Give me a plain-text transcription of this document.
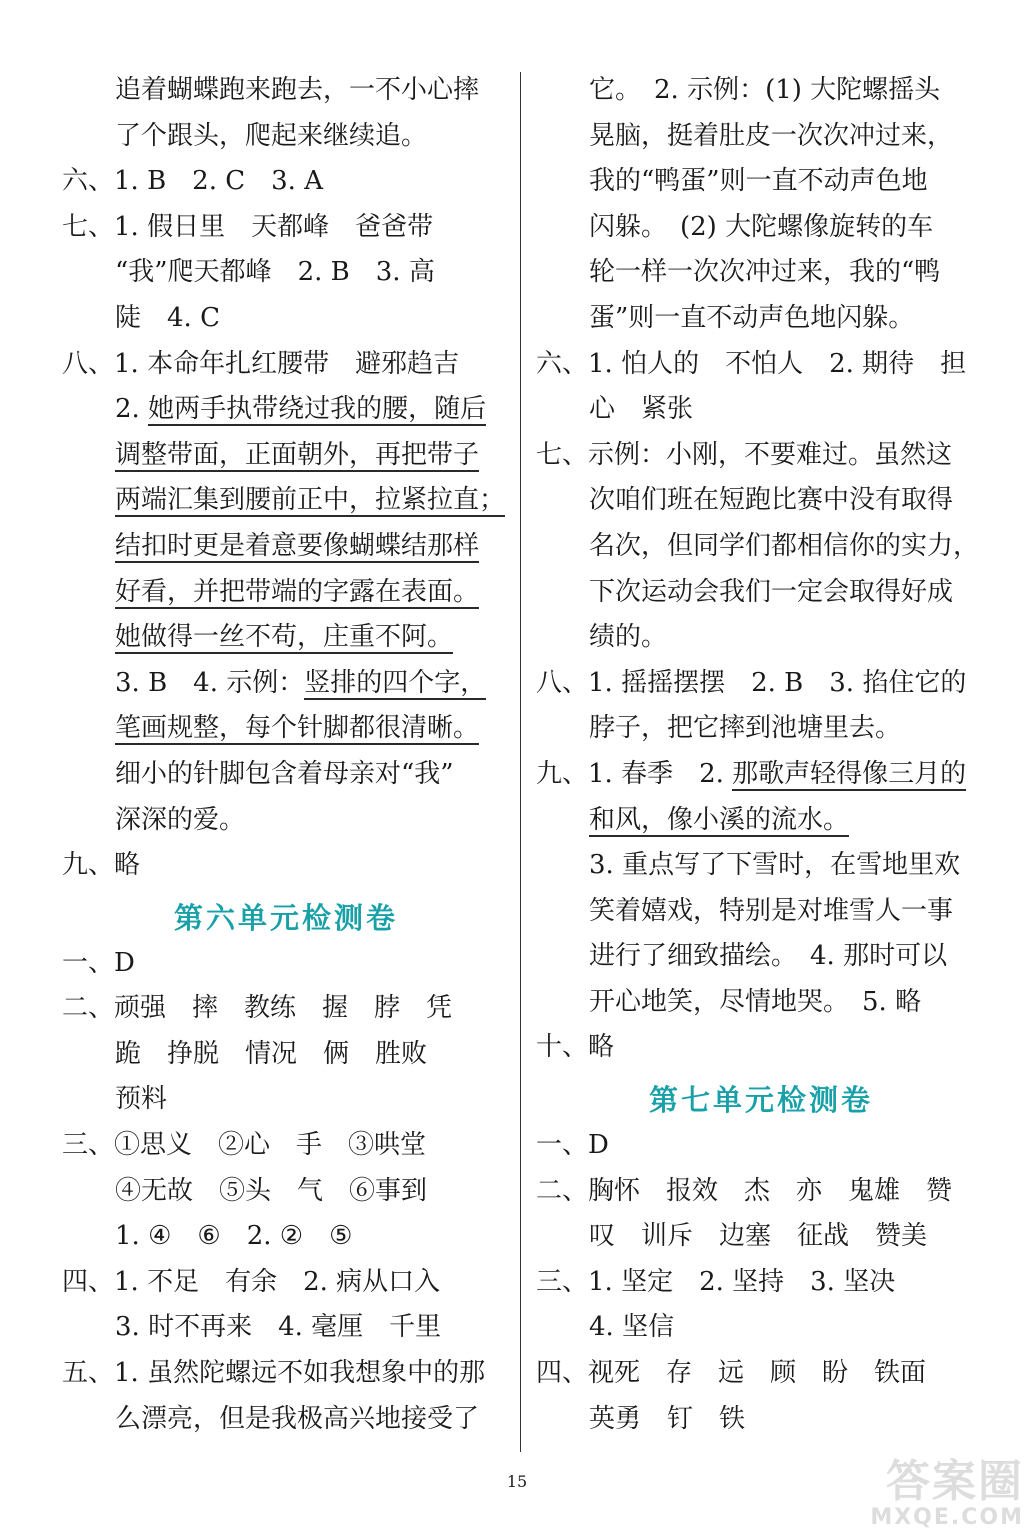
追着蝴蝶跑来跑去，一不小心摔
了个跟头，爬起来继续追。
六、1. B　2. C　3. A
七、1. 假日里　天都峰　爸爸带
“我”爬天都峰　2. B　3. 高
陡　4. C
八、1. 本命年扎红腰带　避邪趋吉
2. 她两手执带绕过我的腰，随后
调整带面，正面朝外，再把带子
两端汇集到腰前正中，拉紧拉直；
结扣时更是着意要像蝴蝶结那样
好看，并把带端的字露在表面。
她做得一丝不苟，庄重不阿。
3. B　4. 示例：竖排的四个字，
笔画规整，每个针脚都很清晰。
细小的针脚包含着母亲对“我”
深深的爱。
九、略
第六单元检测卷
一、D
二、顽强　摔　教练　握　脖　凭
跪　挣脱　情况　俩　胜败
预料
三、①思义　②心　手　③哄堂
④无故　⑤头　气　⑥事到
1. ④　⑥　2. ②　⑤
四、1. 不足　有余　2. 病从口入
3. 时不再来　4. 毫厘　千里
五、1. 虽然陀螺远不如我想象中的那
么漂亮，但是我极高兴地接受了
它。　2. 示例：(1) 大陀螺摇头
晃脑，挺着肚皮一次次冲过来，
我的“鸭蛋”则一直不动声色地
闪躲。　(2) 大陀螺像旋转的车
轮一样一次次冲过来，我的“鸭
蛋”则一直不动声色地闪躲。
六、1. 怕人的　不怕人　2. 期待　担
心　紧张
七、示例：小刚，不要难过。虽然这
次咱们班在短跑比赛中没有取得
名次，但同学们都相信你的实力，
下次运动会我们一定会取得好成
绩的。
八、1. 摇摇摆摆　2. B　3. 掐住它的
脖子，把它摔到池塘里去。
九、1. 春季　2. 那歌声轻得像三月的
和风，像小溪的流水。
3. 重点写了下雪时，在雪地里欢
笑着嬉戏，特别是对堆雪人一事
进行了细致描绘。　4. 那时可以
开心地笑，尽情地哭。　5. 略
十、略
第七单元检测卷
一、D
二、胸怀　报效　杰　亦　鬼雄　赞
叹　训斥　边塞　征战　赞美
三、1. 坚定　2. 坚持　3. 坚决
4. 坚信
四、视死　存　远　顾　盼　铁面
英勇　钉　铁
15	答案圈
MXQE.COM
